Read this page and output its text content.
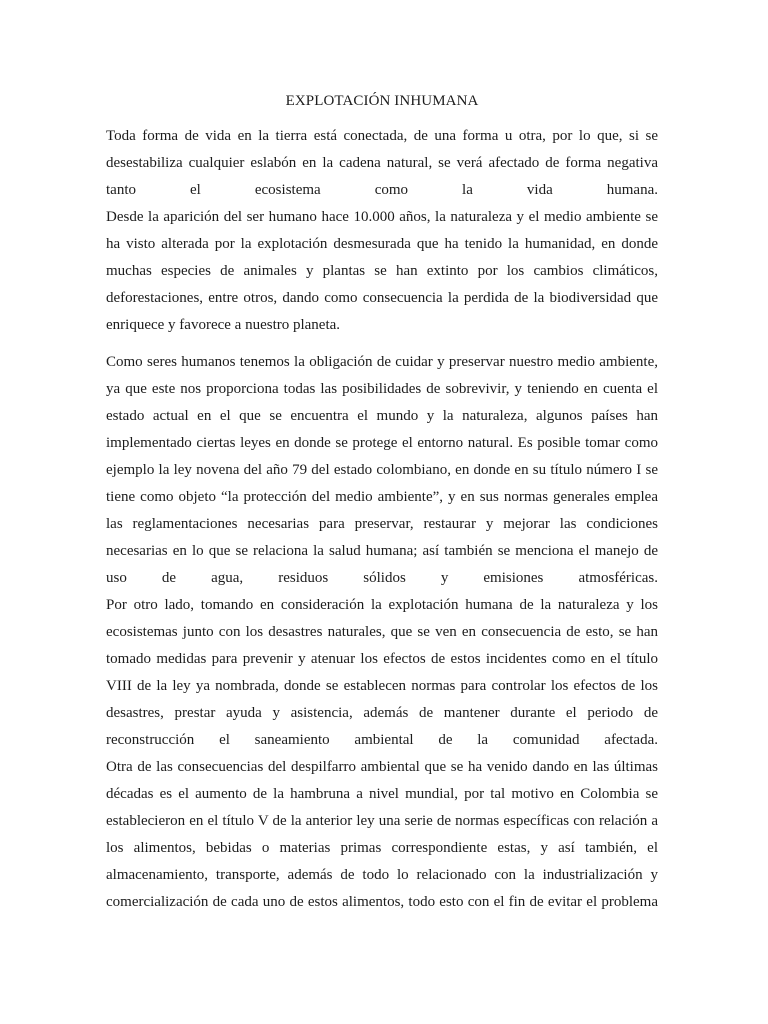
EXPLOTACIÓN INHUMANA
Toda forma de vida en la tierra está conectada, de una forma u otra, por lo que, si se
desestabiliza cualquier eslabón en la cadena natural, se verá afectado de forma negativa
tanto el ecosistema como la vida humana.
Desde la aparición del ser humano hace 10.000 años, la naturaleza y el medio ambiente se
ha visto alterada por la explotación desmesurada que ha tenido la humanidad, en donde
muchas especies de animales y plantas se han extinto por los cambios climáticos,
deforestaciones, entre otros, dando como consecuencia la perdida de la biodiversidad que
enriquece y favorece a nuestro planeta.
Como seres humanos tenemos la obligación de cuidar y preservar nuestro medio ambiente,
ya que este nos proporciona todas las posibilidades de sobrevivir, y teniendo en cuenta el
estado actual en el que se encuentra el mundo y la naturaleza, algunos países han
implementado ciertas leyes en donde se protege el entorno natural. Es posible tomar como
ejemplo la ley novena del año 79 del estado colombiano, en donde en su título número I se
tiene como objeto “la protección del medio ambiente”, y en sus normas generales emplea
las reglamentaciones necesarias para preservar, restaurar y mejorar las condiciones
necesarias en lo que se relaciona la salud humana; así también se menciona el manejo de
uso de agua, residuos sólidos y emisiones atmosféricas.
Por otro lado, tomando en consideración la explotación humana de la naturaleza y los
ecosistemas junto con los desastres naturales, que se ven en consecuencia de esto, se han
tomado medidas para prevenir y atenuar los efectos de estos incidentes como en el título
VIII de la ley ya nombrada, donde se establecen normas para controlar los efectos de los
desastres, prestar ayuda y asistencia, además de mantener durante el periodo de
reconstrucción el saneamiento ambiental de la comunidad afectada.
Otra de las consecuencias del despilfarro ambiental que se ha venido dando en las últimas
décadas es el aumento de la hambruna a nivel mundial, por tal motivo en Colombia se
establecieron en el título V de la anterior ley una serie de normas específicas con relación a
los alimentos, bebidas o materias primas correspondiente estas, y así también, el
almacenamiento, transporte, además de todo lo relacionado con la industrialización y
comercialización de cada uno de estos alimentos, todo esto con el fin de evitar el problema
